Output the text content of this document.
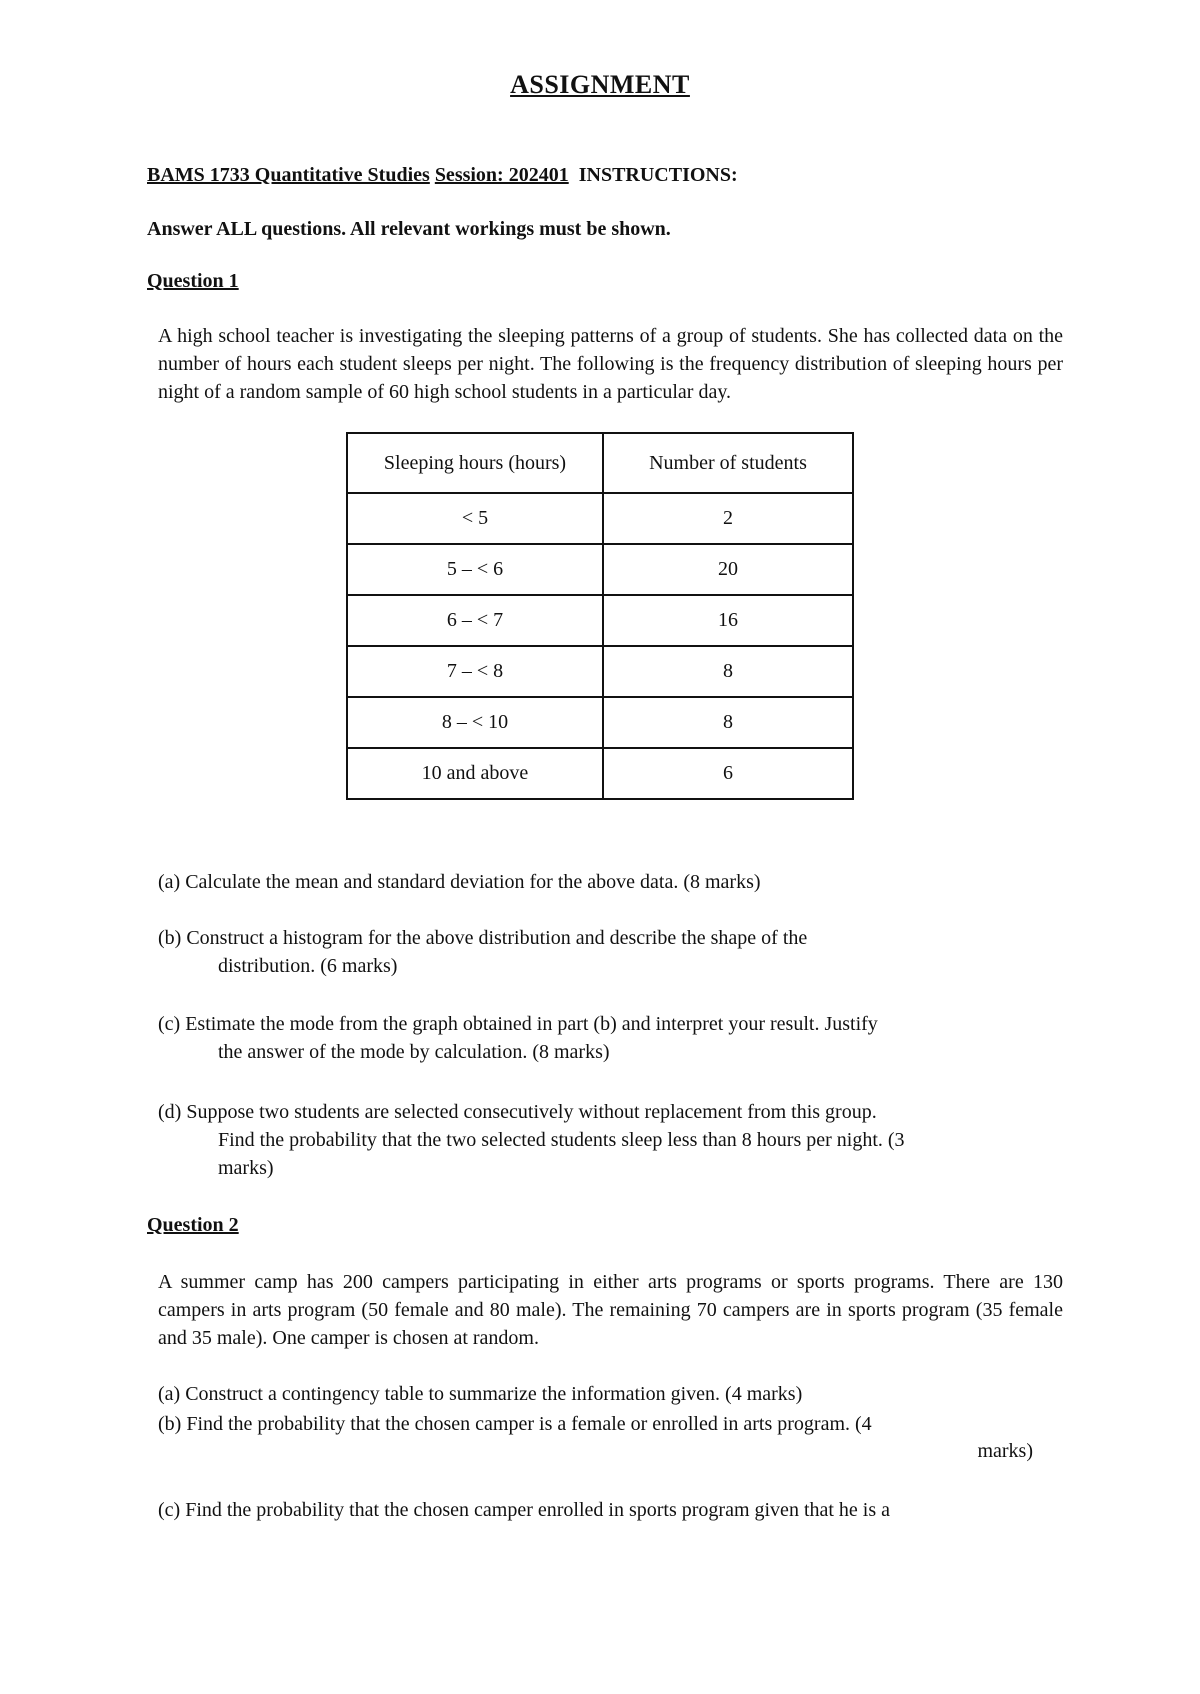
ASSIGNMENT
BAMS 1733 Quantitative Studies Session: 202401 INSTRUCTIONS:
Answer ALL questions. All relevant workings must be shown.
Question 1
A high school teacher is investigating the sleeping patterns of a group of students. She has collected data on the number of hours each student sleeps per night. The following is the frequency distribution of sleeping hours per night of a random sample of 60 high school students in a particular day.
Sleeping hours (hours)	Number of students
< 5	2
5 – < 6	20
6 – < 7	16
7 – < 8	8
8 – < 10	8
10 and above	6
(a) Calculate the mean and standard deviation for the above data. (8 marks)
(b) Construct a histogram for the above distribution and describe the shape of the
distribution. (6 marks)
(c) Estimate the mode from the graph obtained in part (b) and interpret your result. Justify
the answer of the mode by calculation. (8 marks)
(d) Suppose two students are selected consecutively without replacement from this group.
Find the probability that the two selected students sleep less than 8 hours per night. (3
marks)
Question 2
A summer camp has 200 campers participating in either arts programs or sports programs. There are 130 campers in arts program (50 female and 80 male). The remaining 70 campers are in sports program (35 female and 35 male). One camper is chosen at random.
(a) Construct a contingency table to summarize the information given. (4 marks)
(b) Find the probability that the chosen camper is a female or enrolled in arts program. (4
marks)
(c) Find the probability that the chosen camper enrolled in sports program given that he is a
